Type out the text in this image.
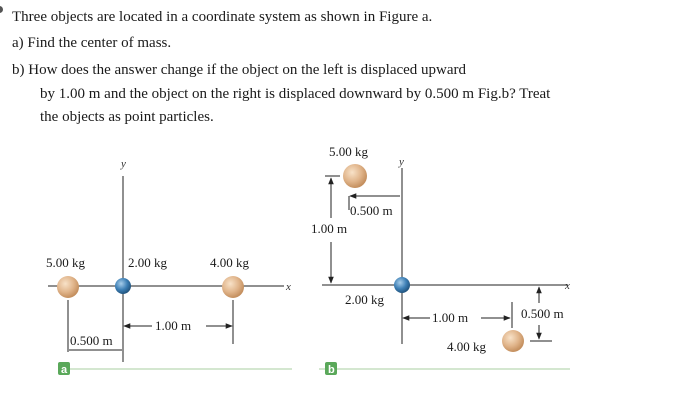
Three objects are located in a coordinate system as shown in Figure a.
a) Find the center of mass.
b) How does the answer change if the object on the left is displaced upward
by 1.00 m and the object on the right is displaced downward by 0.500 m Fig.b? Treat
the objects as point particles.
y
x
5.00 kg	2.00 kg	4.00 kg
1.00 m
0.500 m
a
y
x
5.00 kg
0.500 m
1.00 m
2.00 kg
1.00 m	0.500 m
4.00 kg
b
